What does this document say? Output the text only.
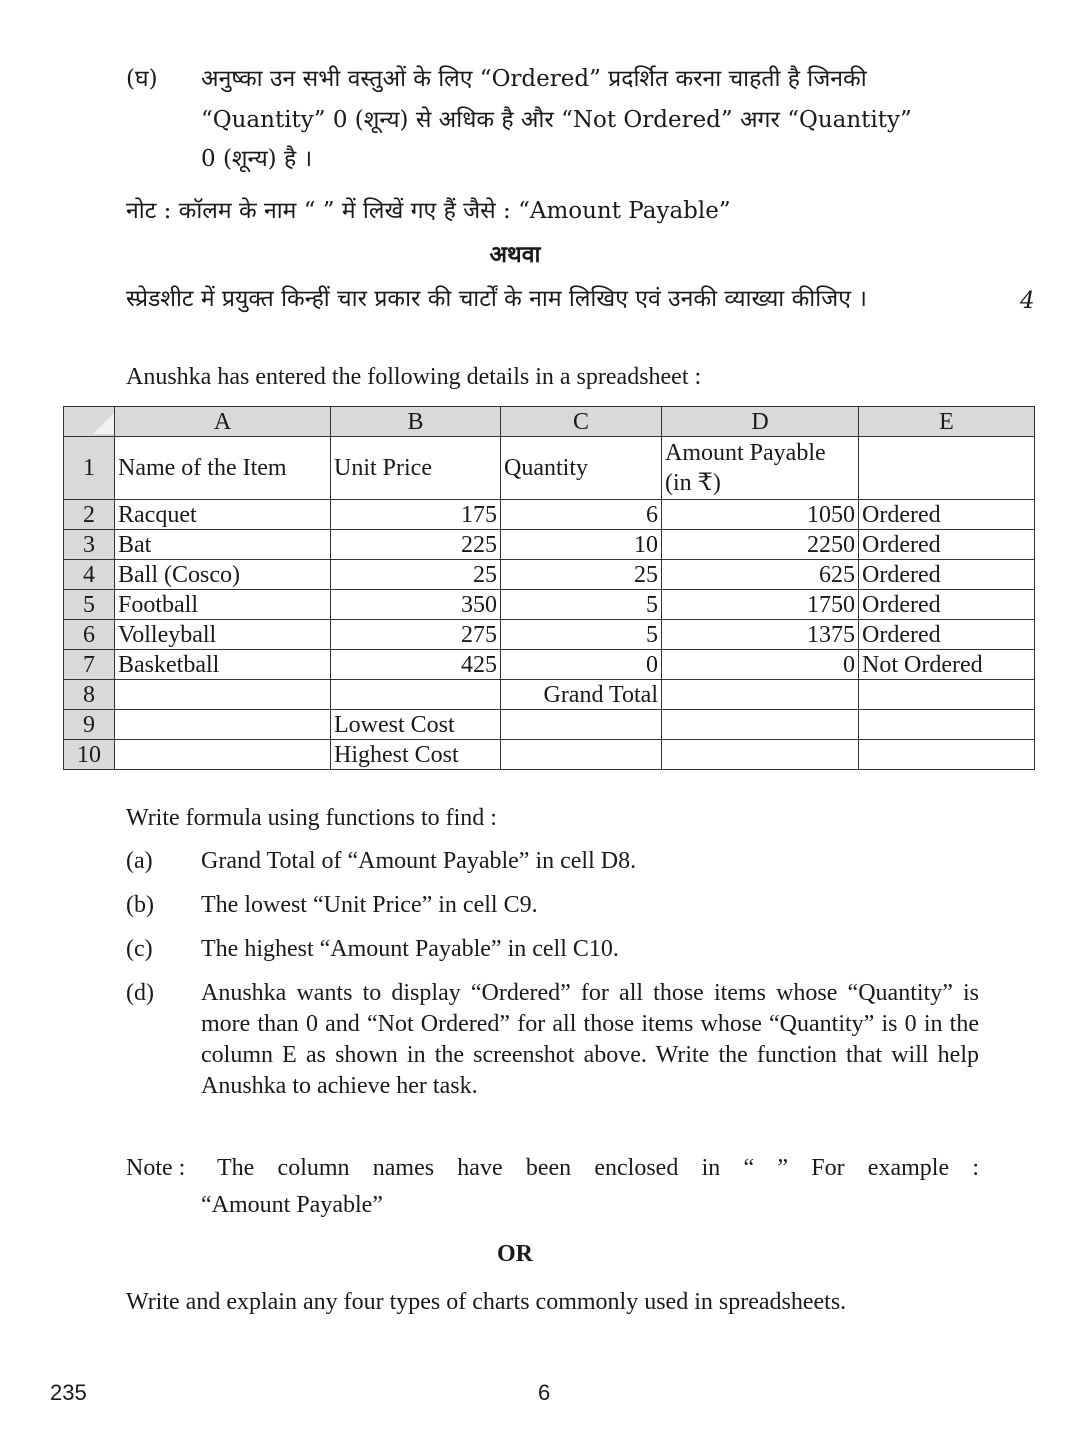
(घ) अनुष्का उन सभी वस्तुओं के लिए “Ordered” प्रदर्शित करना चाहती है जिनकी
“Quantity” 0 (शून्य) से अधिक है और “Not Ordered” अगर “Quantity”
0 (शून्य) है ।
नोट : कॉलम के नाम “ ” में लिखें गए हैं जैसे : “Amount Payable”
अथवा
स्प्रेडशीट में प्रयुक्त किन्हीं चार प्रकार की चार्टों के नाम लिखिए एवं उनकी व्याख्या कीजिए ।	4
Anushka has entered the following details in a spreadsheet :
	A	B	C	D	E
1	Name of the Item	Unit Price	Quantity	Amount Payable (in ₹)	
2	Racquet	175	6	1050	Ordered
3	Bat	225	10	2250	Ordered
4	Ball (Cosco)	25	25	625	Ordered
5	Football	350	5	1750	Ordered
6	Volleyball	275	5	1375	Ordered
7	Basketball	425	0	0	Not Ordered
8			Grand Total		
9		Lowest Cost			
10		Highest Cost			
Write formula using functions to find :
(a) Grand Total of “Amount Payable” in cell D8.
(b) The lowest “Unit Price” in cell C9.
(c) The highest “Amount Payable” in cell C10.
(d) Anushka wants to display “Ordered” for all those items whose “Quantity” is more than 0 and “Not Ordered” for all those items whose “Quantity” is 0 in the column E as shown in the screenshot above. Write the function that will help Anushka to achieve her task.
Note : The column names have been enclosed in “ ” For example :
“Amount Payable”
OR
Write and explain any four types of charts commonly used in spreadsheets.
235	6
